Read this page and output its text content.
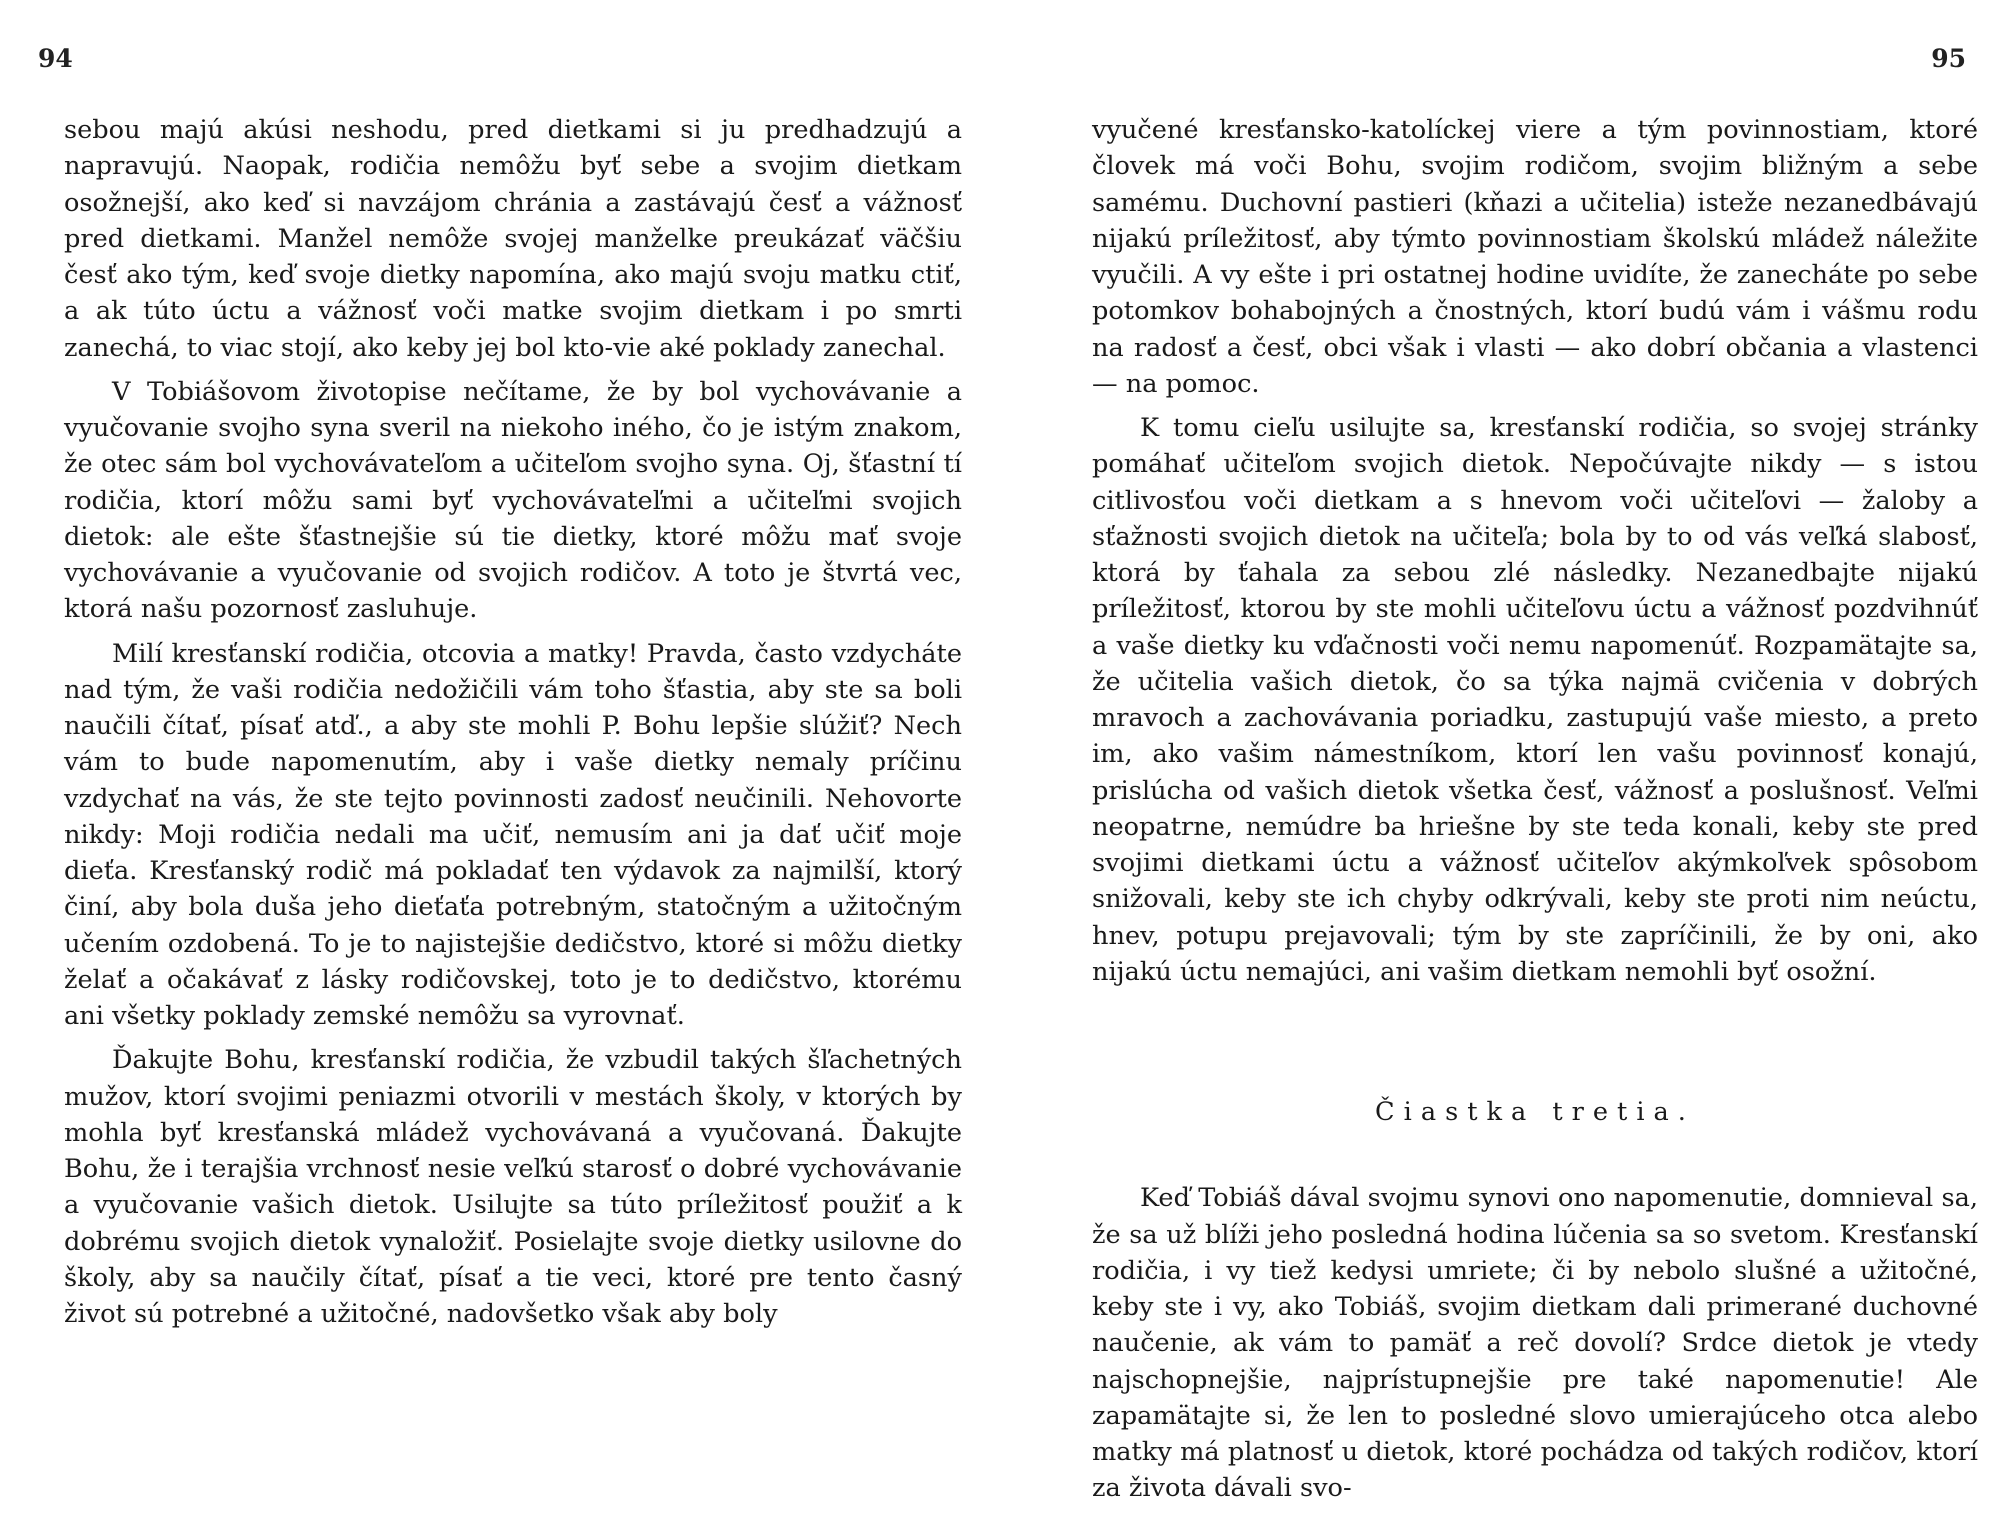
94

sebou majú akúsi neshodu, pred dietkami si ju predhadzujú a napravujú. Naopak, rodičia nemôžu byť sebe a svojim dietkam osožnejší, ako keď si navzájom chránia a zastávajú česť a vážnosť pred dietkami. Manžel nemôže svojej manželke preukázať väčšiu česť ako tým, keď svoje dietky napomína, ako majú svoju matku ctiť, a ak túto úctu a vážnosť voči matke svojim dietkam i po smrti zanechá, to viac stojí, ako keby jej bol kto-vie aké poklady zanechal.

V Tobiášovom životopise nečítame, že by bol vychovávanie a vyučovanie svojho syna sveril na niekoho iného, čo je istým znakom, že otec sám bol vychovávateľom a učiteľom svojho syna. Oj, šťastní tí rodičia, ktorí môžu sami byť vychovávateľmi a učiteľmi svojich dietok: ale ešte šťastnejšie sú tie dietky, ktoré môžu mať svoje vychovávanie a vyučovanie od svojich rodičov. A toto je štvrtá vec, ktorá našu pozornosť zasluhuje.

Milí kresťanskí rodičia, otcovia a matky! Pravda, často vzdycháte nad tým, že vaši rodičia nedožičili vám toho šťastia, aby ste sa boli naučili čítať, písať atď., a aby ste mohli P. Bohu lepšie slúžiť? Nech vám to bude napomenutím, aby i vaše dietky nemaly príčinu vzdychať na vás, že ste tejto povinnosti zadosť neučinili. Nehovorte nikdy: Moji rodičia nedali ma učiť, nemusím ani ja dať učiť moje dieťa. Kresťanský rodič má pokladať ten výdavok za najmilší, ktorý činí, aby bola duša jeho dieťaťa potrebným, statočným a užitočným učením ozdobená. To je to najistejšie dedičstvo, ktoré si môžu dietky želať a očakávať z lásky rodičovskej, toto je to dedičstvo, ktorému ani všetky poklady zemské nemôžu sa vyrovnať.

Ďakujte Bohu, kresťanskí rodičia, že vzbudil takých šľachetných mužov, ktorí svojimi peniazmi otvorili v mestách školy, v ktorých by mohla byť kresťanská mládež vychovávaná a vyučovaná. Ďakujte Bohu, že i terajšia vrchnosť nesie veľkú starosť o dobré vychovávanie a vyučovanie vašich dietok. Usilujte sa túto príležitosť použiť a k dobrému svojich dietok vynaložiť. Posielajte svoje dietky usilovne do školy, aby sa naučily čítať, písať a tie veci, ktoré pre tento časný život sú potrebné a užitočné, nadovšetko však aby boly

95

vyučené kresťansko-katolíckej viere a tým povinnostiam, ktoré človek má voči Bohu, svojim rodičom, svojim bližným a sebe samému. Duchovní pastieri (kňazi a učitelia) isteže nezanedbávajú nijakú príležitosť, aby týmto povinnostiam školskú mládež náležite vyučili. A vy ešte i pri ostatnej hodine uvidíte, že zanecháte po sebe potomkov bohabojných a čnostných, ktorí budú vám i vášmu rodu na radosť a česť, obci však i vlasti — ako dobrí občania a vlastenci — na pomoc.

K tomu cieľu usilujte sa, kresťanskí rodičia, so svojej stránky pomáhať učiteľom svojich dietok. Nepočúvajte nikdy — s istou citlivosťou voči dietkam a s hnevom voči učiteľovi — žaloby a sťažnosti svojich dietok na učiteľa; bola by to od vás veľká slabosť, ktorá by ťahala za sebou zlé následky. Nezanedbajte nijakú príležitosť, ktorou by ste mohli učiteľovu úctu a vážnosť pozdvihnúť a vaše dietky ku vďačnosti voči nemu napomenúť. Rozpamätajte sa, že učitelia vašich dietok, čo sa týka najmä cvičenia v dobrých mravoch a zachovávania poriadku, zastupujú vaše miesto, a preto im, ako vašim námestníkom, ktorí len vašu povinnosť konajú, prislúcha od vašich dietok všetka česť, vážnosť a poslušnosť. Veľmi neopatrne, nemúdre ba hriešne by ste teda konali, keby ste pred svojimi dietkami úctu a vážnosť učiteľov akýmkoľvek spôsobom snižovali, keby ste ich chyby odkrývali, keby ste proti nim neúctu, hnev, potupu prejavovali; tým by ste zapríčinili, že by oni, ako nijakú úctu nemajúci, ani vašim dietkam nemohli byť osožní.

Čiastka tretia.

Keď Tobiáš dával svojmu synovi ono napomenutie, domnieval sa, že sa už blíži jeho posledná hodina lúčenia sa so svetom. Kresťanskí rodičia, i vy tiež kedysi umriete; či by nebolo slušné a užitočné, keby ste i vy, ako Tobiáš, svojim dietkam dali primerané duchovné naučenie, ak vám to pamäť a reč dovolí? Srdce dietok je vtedy najschopnejšie, najprístupnejšie pre také napomenutie! Ale zapamätajte si, že len to posledné slovo umierajúceho otca alebo matky má platnosť u dietok, ktoré pochádza od takých rodičov, ktorí za života dávali svo-
